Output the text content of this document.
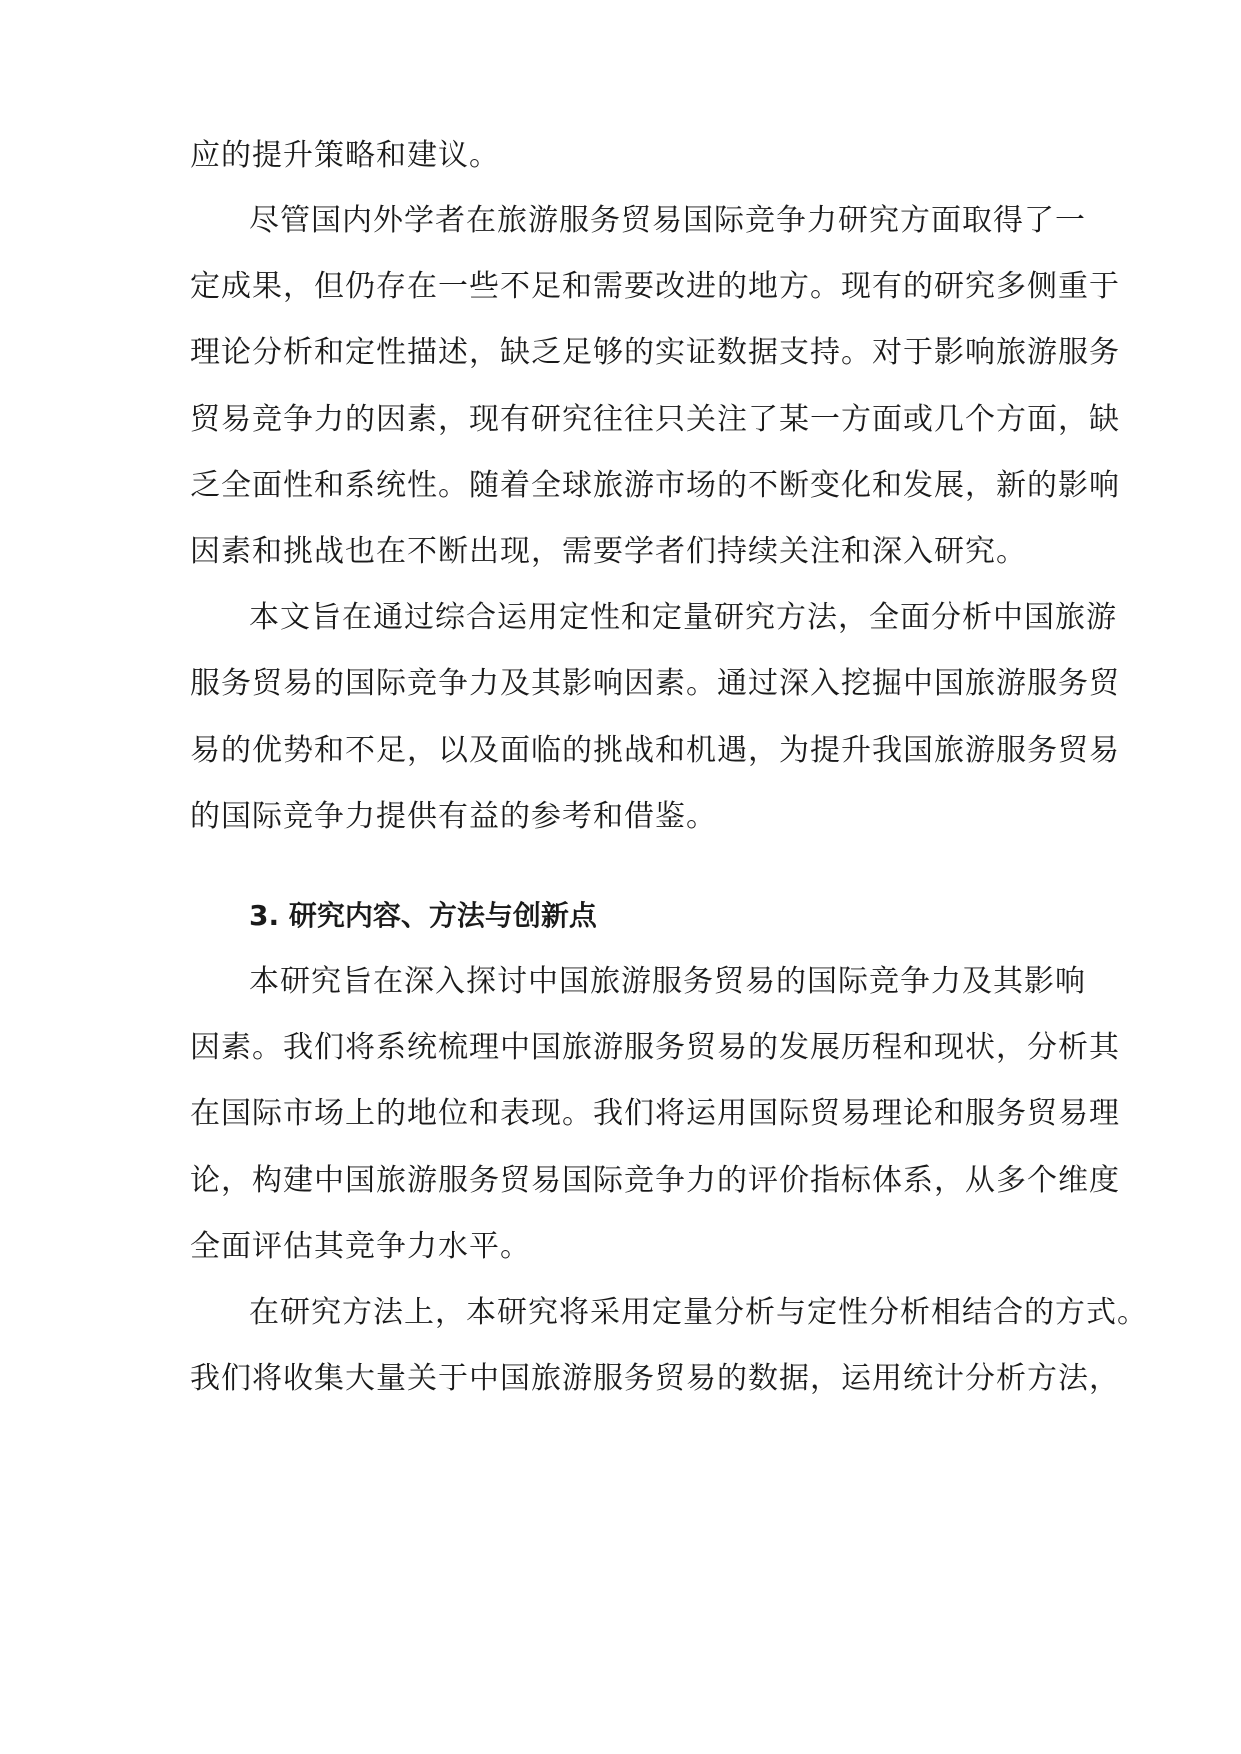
应的提升策略和建议。
尽管国内外学者在旅游服务贸易国际竞争力研究方面取得了一
定成果，但仍存在一些不足和需要改进的地方。现有的研究多侧重于
理论分析和定性描述，缺乏足够的实证数据支持。对于影响旅游服务
贸易竞争力的因素，现有研究往往只关注了某一方面或几个方面，缺
乏全面性和系统性。随着全球旅游市场的不断变化和发展，新的影响
因素和挑战也在不断出现，需要学者们持续关注和深入研究。
本文旨在通过综合运用定性和定量研究方法，全面分析中国旅游
服务贸易的国际竞争力及其影响因素。通过深入挖掘中国旅游服务贸
易的优势和不足，以及面临的挑战和机遇，为提升我国旅游服务贸易
的国际竞争力提供有益的参考和借鉴。
3. 研究内容、方法与创新点
本研究旨在深入探讨中国旅游服务贸易的国际竞争力及其影响
因素。我们将系统梳理中国旅游服务贸易的发展历程和现状，分析其
在国际市场上的地位和表现。我们将运用国际贸易理论和服务贸易理
论，构建中国旅游服务贸易国际竞争力的评价指标体系，从多个维度
全面评估其竞争力水平。
在研究方法上，本研究将采用定量分析与定性分析相结合的方式。
我们将收集大量关于中国旅游服务贸易的数据，运用统计分析方法，
